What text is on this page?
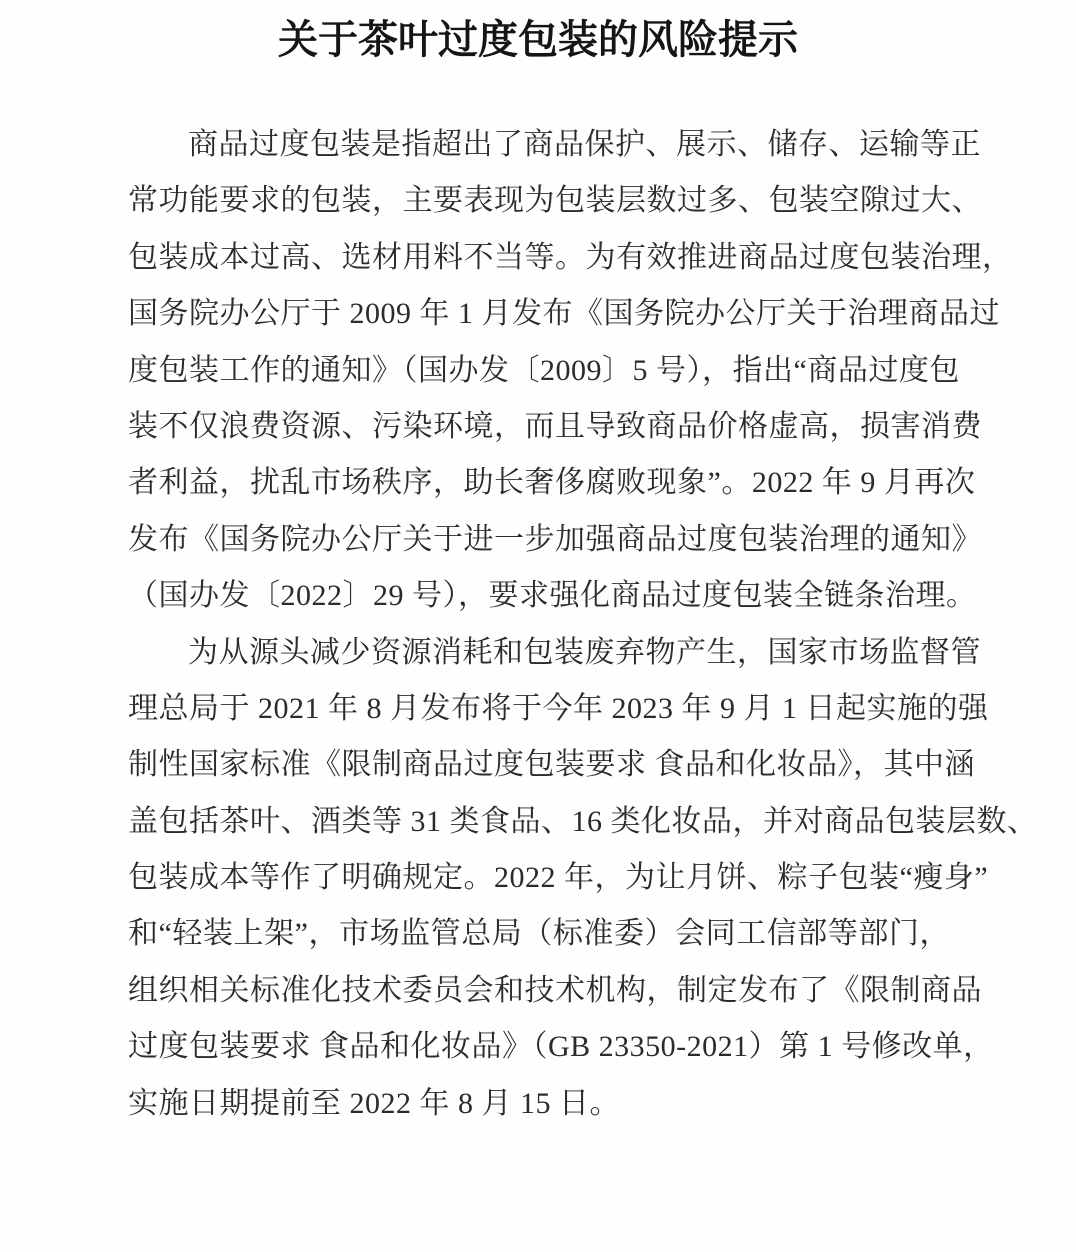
关于茶叶过度包装的风险提示
商品过度包装是指超出了商品保护、展示、储存、运输等正
常功能要求的包装，主要表现为包装层数过多、包装空隙过大、
包装成本过高、选材用料不当等。为有效推进商品过度包装治理，
国务院办公厅于 2009 年 1 月发布《国务院办公厅关于治理商品过
度包装工作的通知》（国办发〔2009〕5 号），指出“商品过度包
装不仅浪费资源、污染环境，而且导致商品价格虚高，损害消费
者利益，扰乱市场秩序，助长奢侈腐败现象”。2022 年 9 月再次
发布《国务院办公厅关于进一步加强商品过度包装治理的通知》
（国办发〔2022〕29 号），要求强化商品过度包装全链条治理。
为从源头减少资源消耗和包装废弃物产生，国家市场监督管
理总局于 2021 年 8 月发布将于今年 2023 年 9 月 1 日起实施的强
制性国家标准《限制商品过度包装要求 食品和化妆品》，其中涵
盖包括茶叶、酒类等 31 类食品、16 类化妆品，并对商品包装层数、
包装成本等作了明确规定。2022 年，为让月饼、粽子包装“瘦身”
和“轻装上架”，市场监管总局（标准委）会同工信部等部门，
组织相关标准化技术委员会和技术机构，制定发布了《限制商品
过度包装要求 食品和化妆品》（GB 23350-2021）第 1 号修改单，
实施日期提前至 2022 年 8 月 15 日。
